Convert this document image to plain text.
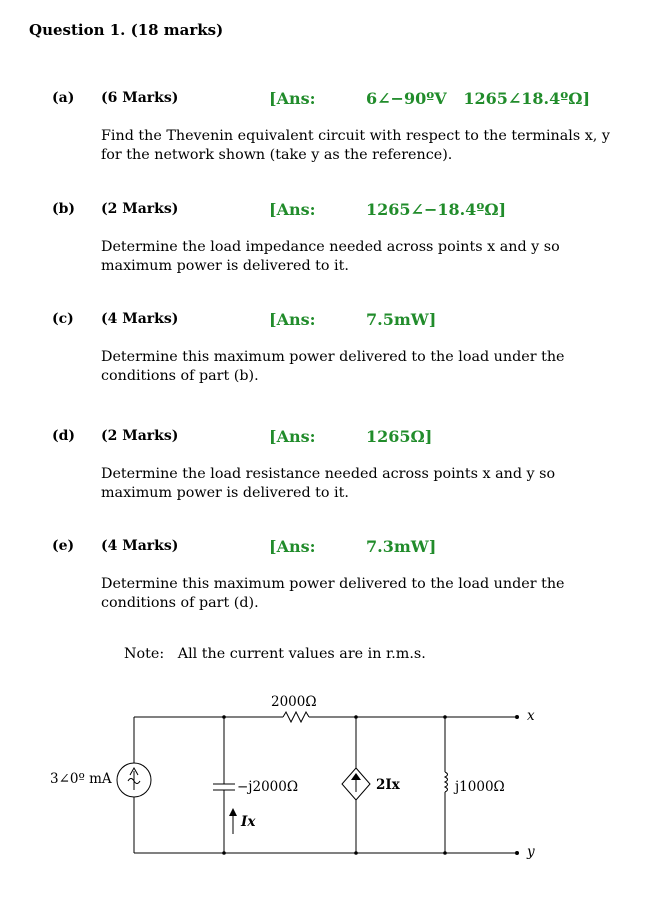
Question 1. (18 marks)
(a) (6 Marks)	[Ans:	6∠−90ºV   1265∠18.4ºΩ]
Find the Thevenin equivalent circuit with respect to the terminals x, y for the network shown (take y as the reference).
(b) (2 Marks)	[Ans:	1265∠−18.4ºΩ]
Determine the load impedance needed across points x and y so maximum power is delivered to it.
(c) (4 Marks)	[Ans:	7.5mW]
Determine this maximum power delivered to the load under the conditions of part (b).
(d) (2 Marks)	[Ans:	1265Ω]
Determine the load resistance needed across points x and y so maximum power is delivered to it.
(e) (4 Marks)	[Ans:	7.3mW]
Determine this maximum power delivered to the load under the conditions of part (d).
Note:   All the current values are in r.m.s.
3∠0º mA
2000Ω
−j2000Ω
Ix
2Ix	j1000Ω
x
y
